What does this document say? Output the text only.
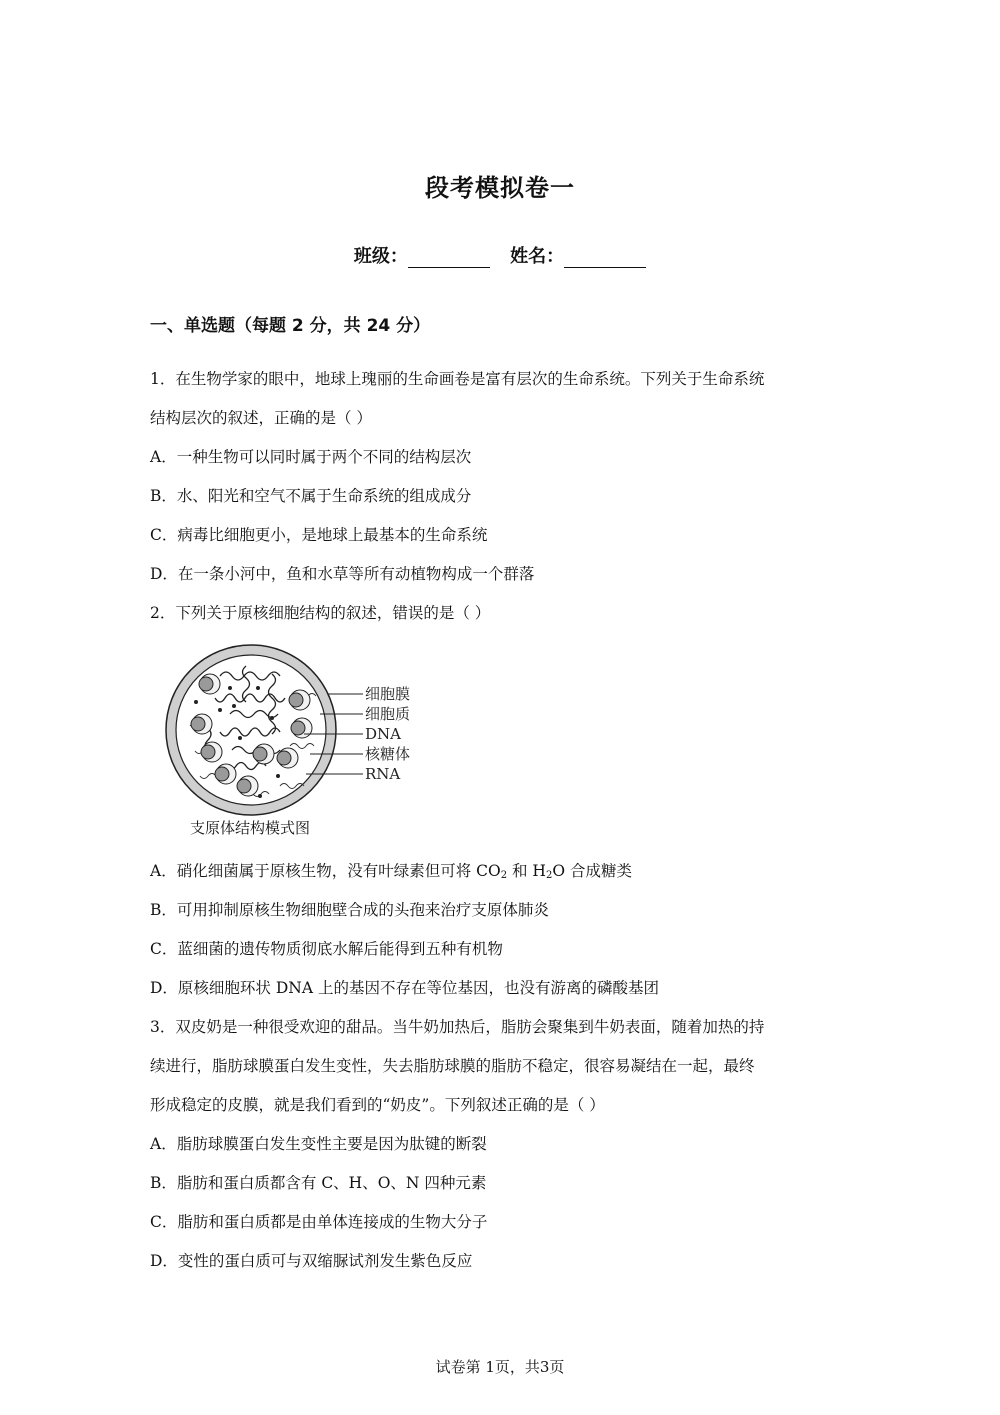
段考模拟卷一
班级：	姓名：
一、单选题（每题 2 分，共 24 分）
1．在生物学家的眼中，地球上瑰丽的生命画卷是富有层次的生命系统。下列关于生命系统
结构层次的叙述，正确的是（ ）
A．一种生物可以同时属于两个不同的结构层次
B．水、阳光和空气不属于生命系统的组成成分
C．病毒比细胞更小，是地球上最基本的生命系统
D．在一条小河中，鱼和水草等所有动植物构成一个群落
2．下列关于原核细胞结构的叙述，错误的是（ ）
细胞膜
细胞质
DNA
核糖体
RNA
支原体结构模式图
A．硝化细菌属于原核生物，没有叶绿素但可将 $CO_2$ 和 $H_2O$ 合成糖类
B．可用抑制原核生物细胞壁合成的头孢来治疗支原体肺炎
C．蓝细菌的遗传物质彻底水解后能得到五种有机物
D．原核细胞环状 DNA 上的基因不存在等位基因，也没有游离的磷酸基团
3．双皮奶是一种很受欢迎的甜品。当牛奶加热后，脂肪会聚集到牛奶表面，随着加热的持
续进行，脂肪球膜蛋白发生变性，失去脂肪球膜的脂肪不稳定，很容易凝结在一起，最终
形成稳定的皮膜，就是我们看到的“奶皮”。下列叙述正确的是（ ）
A．脂肪球膜蛋白发生变性主要是因为肽键的断裂
B．脂肪和蛋白质都含有 C、H、O、N 四种元素
C．脂肪和蛋白质都是由单体连接成的生物大分子
D．变性的蛋白质可与双缩脲试剂发生紫色反应
试卷第 1页，共3页
